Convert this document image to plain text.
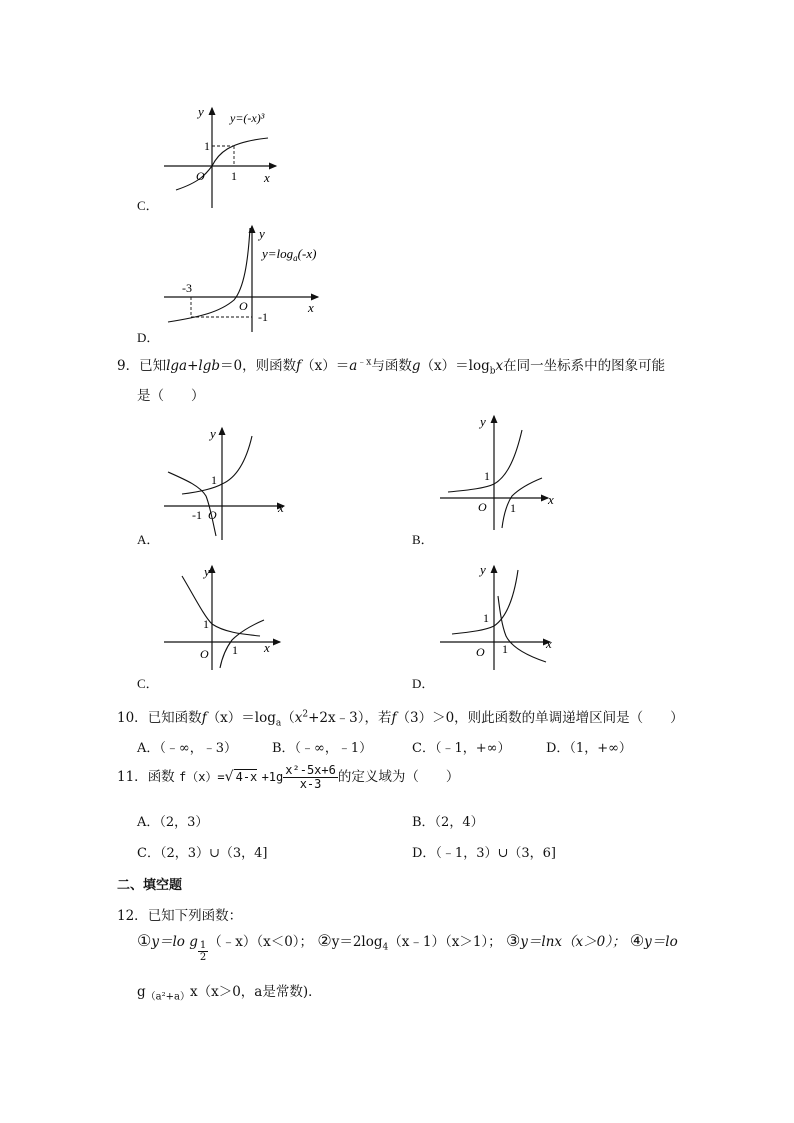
y y=(-x)³
1
O 1 x
C．
y
$y=\log_a(-x)$
-3
O
-1
x
D．
9．已知lga+lgb＝0，则函数$f(x)=a^{﹣x}$与函数$g(x)=\log_bx$在同一坐标系中的图象可能
是（　　）
y
1
-1 O	x
A．
y
1
O 1
x
B．
y
1
O 1 x
C．
y
1
O 1	x
D．
10．已知函数$f(x)=\log_a(x^2+2x﹣3)$，若f（3）＞0，则此函数的单调递增区间是（　　）
A．（﹣∞，﹣3）	B．（﹣∞，﹣1）	C．（﹣1，+∞）	D．（1，+∞）
11．函数 f（x）=√ $4-x +1g \frac{\text{x²-5x+6}}{x-3}$ 的定义域为（　　）
A．（2，3）	B．（2，4）
C．（2，3）∪（3，4]	D．（﹣1，3）∪（3，6]
二、填空题
12．已知下列函数：
①y＝lo g $\frac{1}{2}$ （﹣x）（x＜0）； $②y=2\log_4(x﹣1)(x>1)$； ③y＝lnx（x＞0）； ④y＝lo
$g_{(a^2+a)}x(x>0$，a是常数)．
